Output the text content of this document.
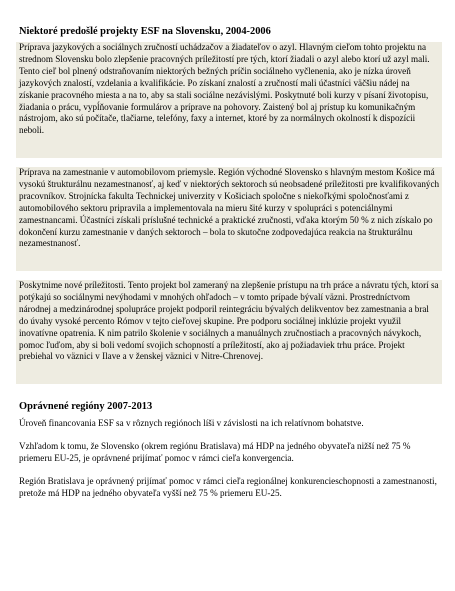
Niektoré predošlé projekty ESF na Slovensku, 2004-2006

Príprava jazykových a sociálnych zručností uchádzačov a žiadateľov o azyl. Hlavným cieľom tohto projektu na strednom Slovensku bolo zlepšenie pracovných príležitostí pre tých, ktorí žiadali o azyl alebo ktorí už azyl mali. Tento cieľ bol plnený odstraňovaním niektorých bežných príčin sociálneho vyčlenenia, ako je nízka úroveň jazykových znalostí, vzdelania a kvalifikácie. Po získaní znalostí a zručností mali účastníci väčšiu nádej na získanie pracovného miesta a na to, aby sa stali sociálne nezávislými. Poskytnuté boli kurzy v písaní životopisu, žiadania o prácu, vypĺňovanie formulárov a príprave na pohovory. Zaistený bol aj prístup ku komunikačným nástrojom, ako sú počítače, tlačiarne, telefóny, faxy a internet, ktoré by za normálnych okolností k dispozícii neboli.

Príprava na zamestnanie v automobilovom priemysle. Región východné Slovensko s hlavným mestom Košice má vysokú štrukturálnu nezamestnanosť, aj keď v niektorých sektoroch sú neobsadené príležitosti pre kvalifikovaných pracovníkov. Strojnícka fakulta Technickej univerzity v Košiciach spoločne s niekoľkými spoločnosťami z automobilového sektoru pripravila a implementovala na mieru šité kurzy v spolupráci s potenciálnymi zamestnancami. Účastníci získali príslušné technické a praktické zručnosti, vďaka ktorým 50 % z nich získalo po dokončení kurzu zamestnanie v daných sektoroch – bola to skutočne zodpovedajúca reakcia na štrukturálnu nezamestnanosť.

Poskytnime nové príležitosti. Tento projekt bol zameraný na zlepšenie prístupu na trh práce a návratu tých, ktorí sa potýkajú so sociálnymi nevýhodami v mnohých ohľadoch – v tomto prípade bývalí väzni. Prostredníctvom národnej a medzinárodnej spolupráce projekt podporil reintegráciu bývalých delikventov bez zamestnania a bral do úvahy vysoké percento Rómov v tejto cieľovej skupine. Pre podporu sociálnej inklúzie projekt využil inovatívne opatrenia. K nim patrilo školenie v sociálnych a manuálnych zručnostiach a pracovných návykoch, pomoc ľuďom, aby si boli vedomí svojich schopností a príležitostí, ako aj požiadaviek trhu práce. Projekt prebiehal vo väznici v Ilave a v ženskej väznici v Nitre-Chrenovej.

Oprávnené regióny 2007-2013

Úroveň financovania ESF sa v rôznych regiónoch líši v závislosti na ich relatívnom bohatstve.

Vzhľadom k tomu, že Slovensko (okrem regiónu Bratislava) má HDP na jedného obyvateľa nižší než 75 % priemeru EU-25, je oprávnené prijímať pomoc v rámci cieľa konvergencia.

Región Bratislava je oprávnený prijímať pomoc v rámci cieľa regionálnej konkurencieschopnosti a zamestnanosti, pretože má HDP na jedného obyvateľa vyšší než 75 % priemeru EU-25.
